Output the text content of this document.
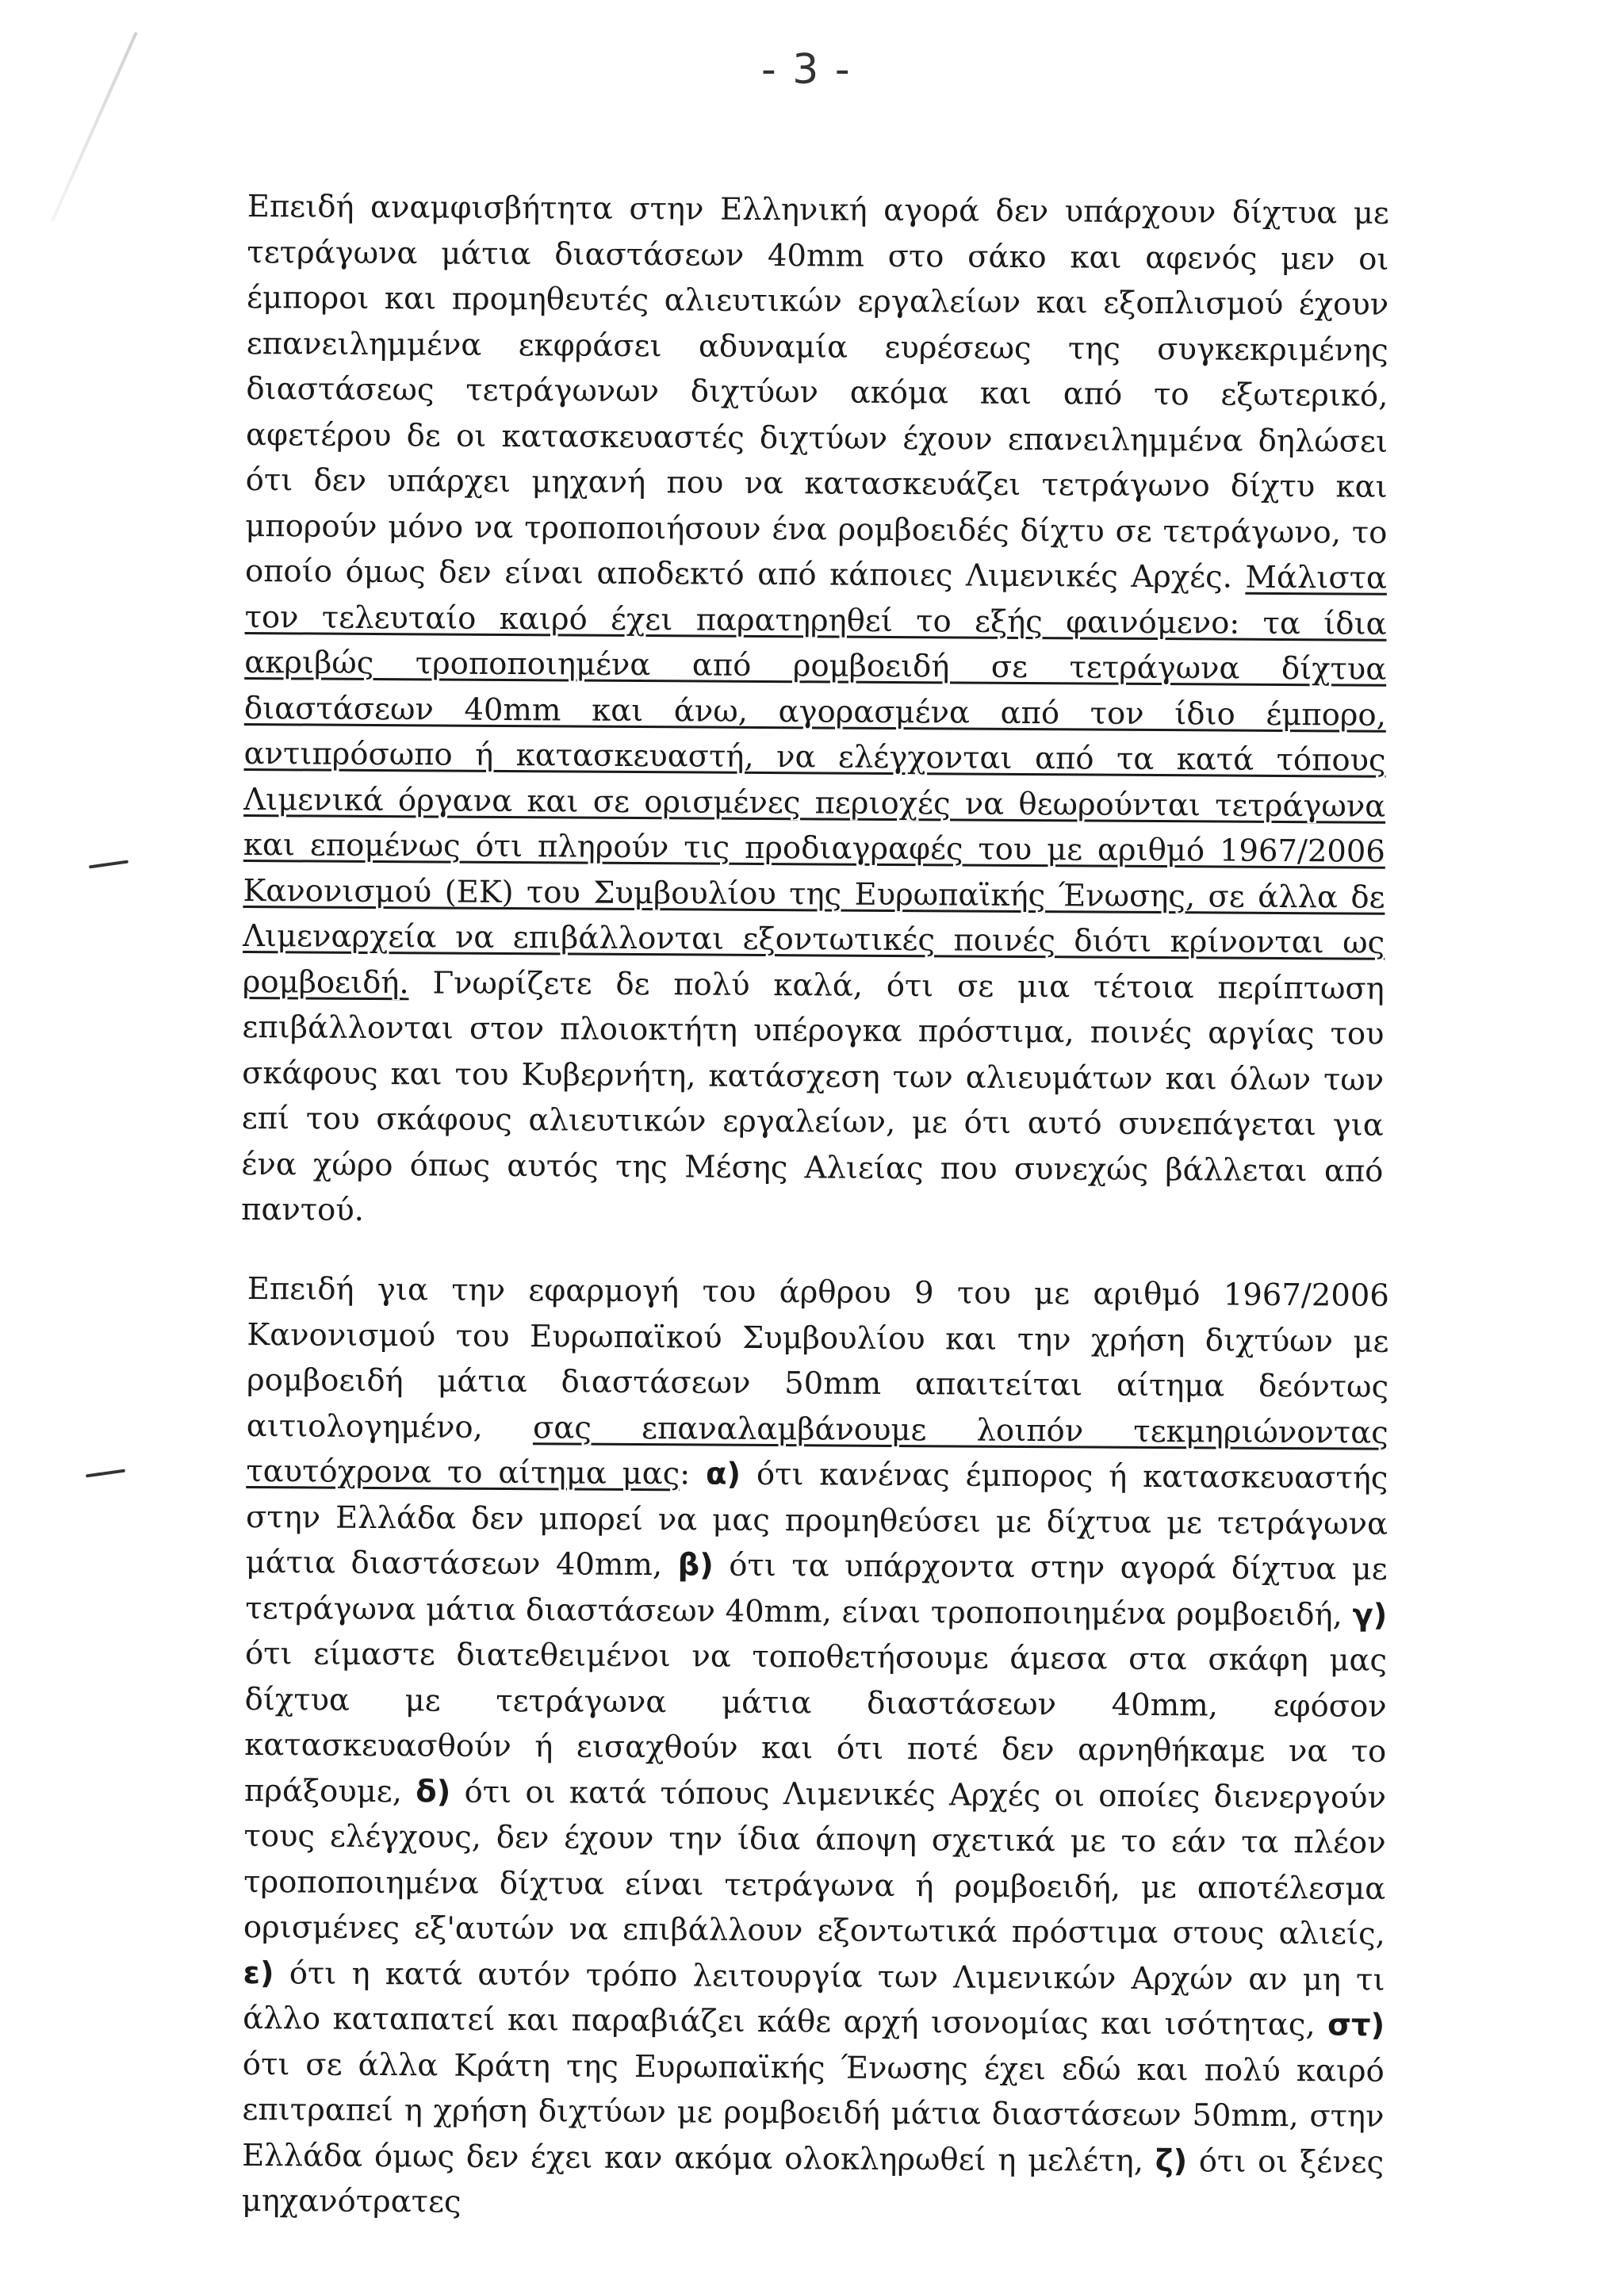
- 3 -

Επειδή αναμφισβήτητα στην Ελληνική αγορά δεν υπάρχουν δίχτυα με τετράγωνα μάτια διαστάσεων 40mm στο σάκο και αφενός μεν οι έμποροι και προμηθευτές αλιευτικών εργαλείων και εξοπλισμού έχουν επανειλημμένα εκφράσει αδυναμία ευρέσεως της συγκεκριμένης διαστάσεως τετράγωνων διχτύων ακόμα και από το εξωτερικό, αφετέρου δε οι κατασκευαστές διχτύων έχουν επανειλημμένα δηλώσει ότι δεν υπάρχει μηχανή που να κατασκευάζει τετράγωνο δίχτυ και μπορούν μόνο να τροποποιήσουν ένα ρομβοειδές δίχτυ σε τετράγωνο, το οποίο όμως δεν είναι αποδεκτό από κάποιες Λιμενικές Αρχές. Μάλιστα τον τελευταίο καιρό έχει παρατηρηθεί το εξής φαινόμενο: τα ίδια ακριβώς τροποποιημένα από ρομβοειδή σε τετράγωνα δίχτυα διαστάσεων 40mm και άνω, αγορασμένα από τον ίδιο έμπορο, αντιπρόσωπο ή κατασκευαστή, να ελέγχονται από τα κατά τόπους Λιμενικά όργανα και σε ορισμένες περιοχές να θεωρούνται τετράγωνα και επομένως ότι πληρούν τις προδιαγραφές του με αριθμό 1967/2006 Κανονισμού (ΕΚ) του Συμβουλίου της Ευρωπαϊκής Ένωσης, σε άλλα δε Λιμεναρχεία να επιβάλλονται εξοντωτικές ποινές διότι κρίνονται ως ρομβοειδή. Γνωρίζετε δε πολύ καλά, ότι σε μια τέτοια περίπτωση επιβάλλονται στον πλοιοκτήτη υπέρογκα πρόστιμα, ποινές αργίας του σκάφους και του Κυβερνήτη, κατάσχεση των αλιευμάτων και όλων των επί του σκάφους αλιευτικών εργαλείων, με ότι αυτό συνεπάγεται για ένα χώρο όπως αυτός της Μέσης Αλιείας που συνεχώς βάλλεται από παντού.

Επειδή για την εφαρμογή του άρθρου 9 του με αριθμό 1967/2006 Κανονισμού του Ευρωπαϊκού Συμβουλίου και την χρήση διχτύων με ρομβοειδή μάτια διαστάσεων 50mm απαιτείται αίτημα δεόντως αιτιολογημένο, σας επαναλαμβάνουμε λοιπόν τεκμηριώνοντας ταυτόχρονα το αίτημα μας: α) ότι κανένας έμπορος ή κατασκευαστής στην Ελλάδα δεν μπορεί να μας προμηθεύσει με δίχτυα με τετράγωνα μάτια διαστάσεων 40mm, β) ότι τα υπάρχοντα στην αγορά δίχτυα με τετράγωνα μάτια διαστάσεων 40mm, είναι τροποποιημένα ρομβοειδή, γ) ότι είμαστε διατεθειμένοι να τοποθετήσουμε άμεσα στα σκάφη μας δίχτυα με τετράγωνα μάτια διαστάσεων 40mm, εφόσον κατασκευασθούν ή εισαχθούν και ότι ποτέ δεν αρνηθήκαμε να το πράξουμε, δ) ότι οι κατά τόπους Λιμενικές Αρχές οι οποίες διενεργούν τους ελέγχους, δεν έχουν την ίδια άποψη σχετικά με το εάν τα πλέον τροποποιημένα δίχτυα είναι τετράγωνα ή ρομβοειδή, με αποτέλεσμα ορισμένες εξ'αυτών να επιβάλλουν εξοντωτικά πρόστιμα στους αλιείς, ε) ότι η κατά αυτόν τρόπο λειτουργία των Λιμενικών Αρχών αν μη τι άλλο καταπατεί και παραβιάζει κάθε αρχή ισονομίας και ισότητας, στ) ότι σε άλλα Κράτη της Ευρωπαϊκής Ένωσης έχει εδώ και πολύ καιρό επιτραπεί η χρήση διχτύων με ρομβοειδή μάτια διαστάσεων 50mm, στην Ελλάδα όμως δεν έχει καν ακόμα ολοκληρωθεί η μελέτη, ζ) ότι οι ξένες μηχανότρατες
